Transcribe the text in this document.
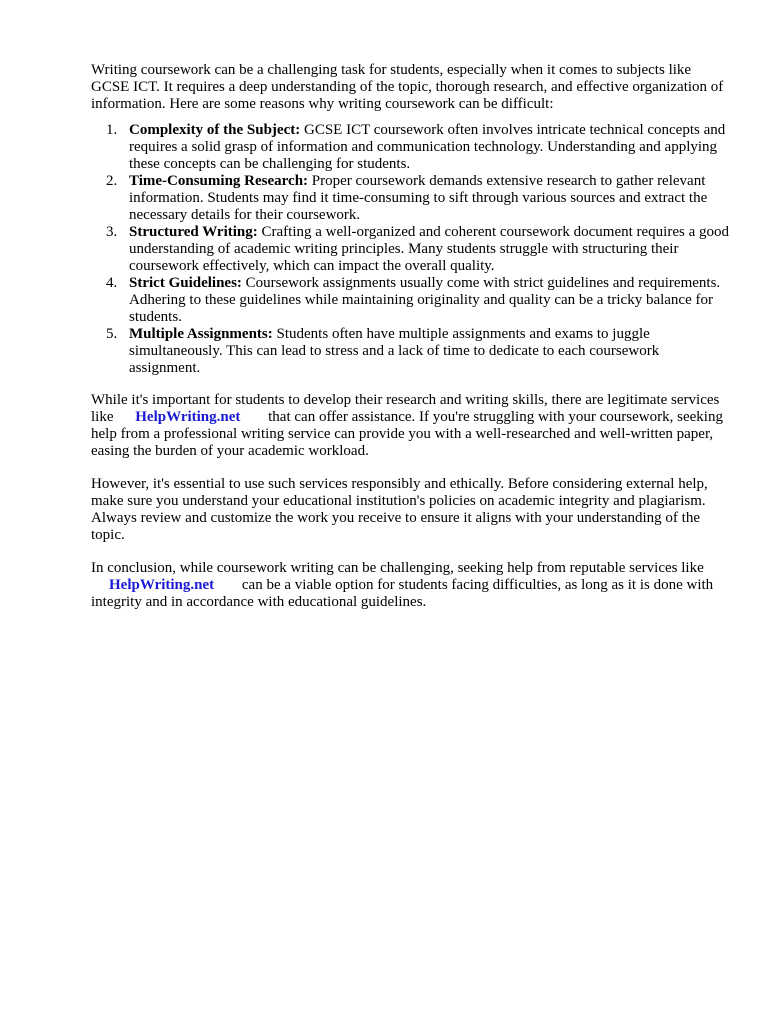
Writing coursework can be a challenging task for students, especially when it comes to subjects like GCSE ICT. It requires a deep understanding of the topic, thorough research, and effective organization of information. Here are some reasons why writing coursework can be difficult:

1. Complexity of the Subject: GCSE ICT coursework often involves intricate technical concepts and requires a solid grasp of information and communication technology. Understanding and applying these concepts can be challenging for students.
2. Time-Consuming Research: Proper coursework demands extensive research to gather relevant information. Students may find it time-consuming to sift through various sources and extract the necessary details for their coursework.
3. Structured Writing: Crafting a well-organized and coherent coursework document requires a good understanding of academic writing principles. Many students struggle with structuring their coursework effectively, which can impact the overall quality.
4. Strict Guidelines: Coursework assignments usually come with strict guidelines and requirements. Adhering to these guidelines while maintaining originality and quality can be a tricky balance for students.
5. Multiple Assignments: Students often have multiple assignments and exams to juggle simultaneously. This can lead to stress and a lack of time to dedicate to each coursework assignment.

While it's important for students to develop their research and writing skills, there are legitimate services like HelpWriting.net that can offer assistance. If you're struggling with your coursework, seeking help from a professional writing service can provide you with a well-researched and well-written paper, easing the burden of your academic workload.

However, it's essential to use such services responsibly and ethically. Before considering external help, make sure you understand your educational institution's policies on academic integrity and plagiarism. Always review and customize the work you receive to ensure it aligns with your understanding of the topic.

In conclusion, while coursework writing can be challenging, seeking help from reputable services like HelpWriting.net can be a viable option for students facing difficulties, as long as it is done with integrity and in accordance with educational guidelines.
